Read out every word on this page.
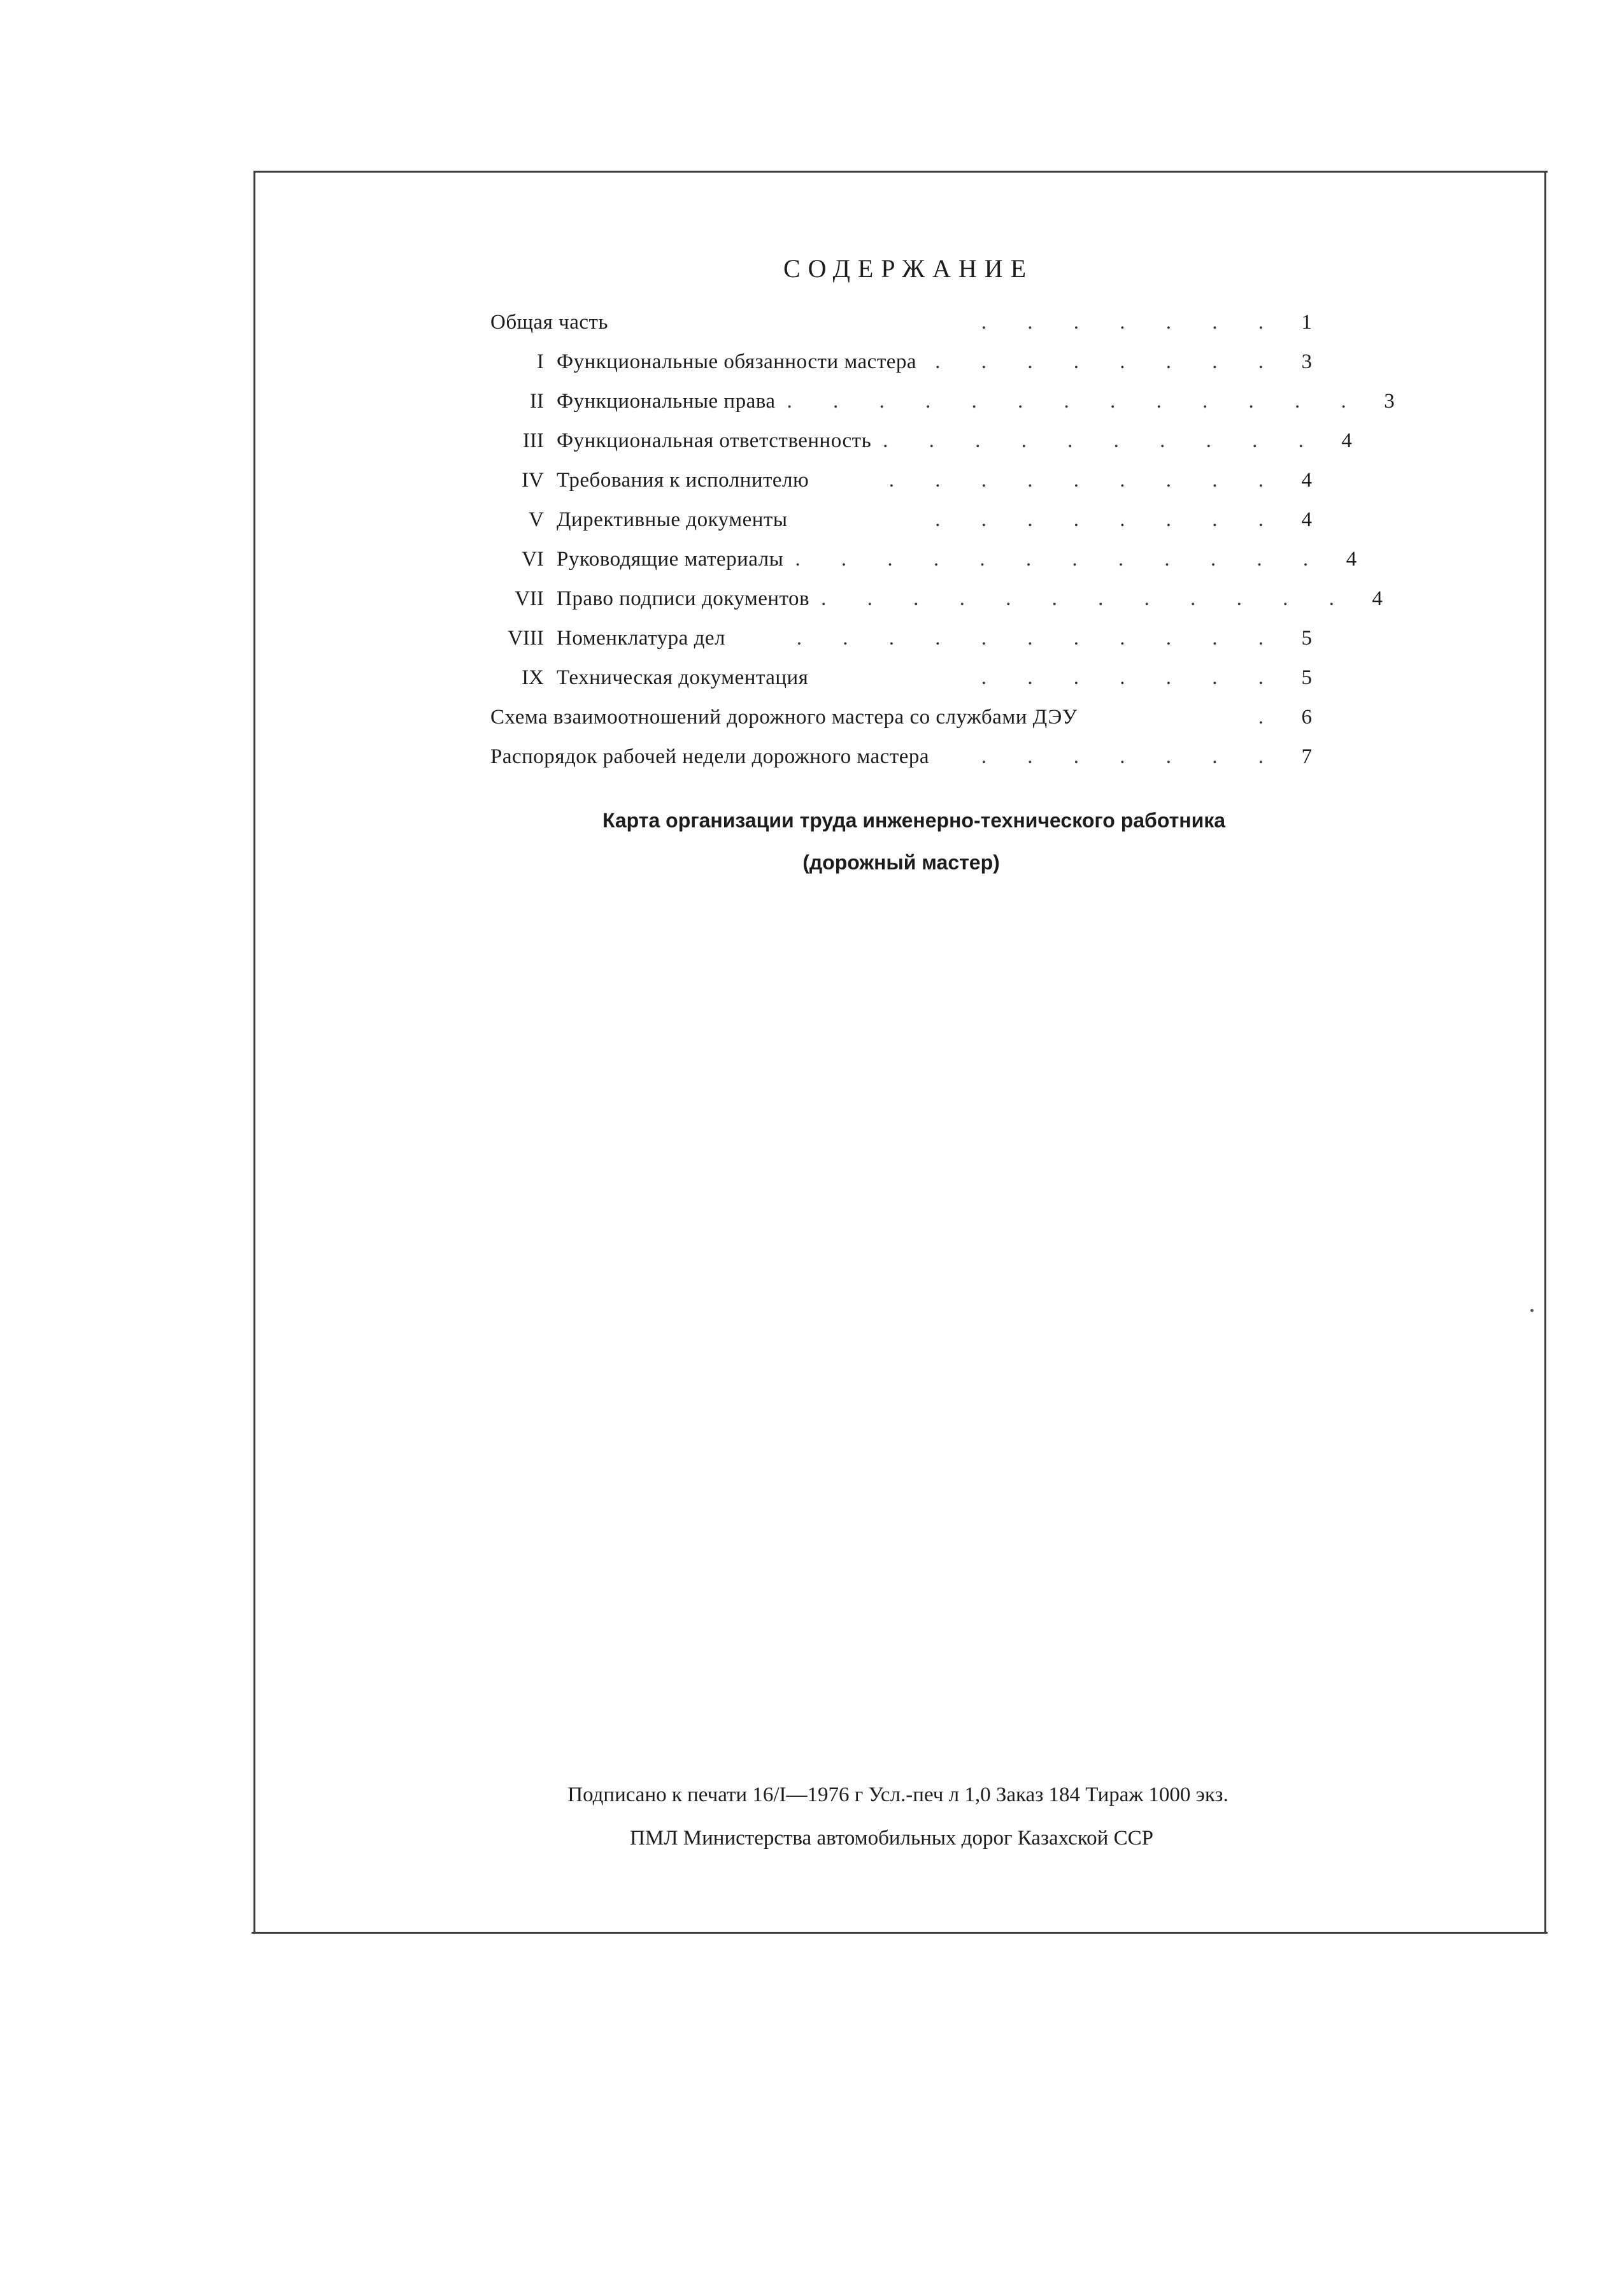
СОДЕРЖАНИЕ
Общая часть	. . . . . . . 1
I Функциональные обязанности мастера . . . . . . . . 3
II Функциональные права . . . . . . . . . . . . . 3
III Функциональная ответственность . . . . . . . . . . 4
IV Требования к исполнителю	. . . . . . . . . 4
V Директивные документы	. . . . . . . . 4
VI Руководящие материалы . . . . . . . . . . . . 4
VII Право подписи документов . . . . . . . . . . . . 4
VIII Номенклатура дел	. . . . . . . . . . . 5
IX Техническая документация	. . . . . . . 5
Схема взаимоотношений дорожного мастера со службами ДЭУ	. 6
Распорядок рабочей недели дорожного мастера	. . . . . . . 7
Карта организации труда инженерно-технического работника
(дорожный мастер)
Подписано к печати 16/I—1976 г Усл.-печ л 1,0 Заказ 184 Тираж 1000 экз.
ПМЛ Министерства автомобильных дорог Казахской ССР
